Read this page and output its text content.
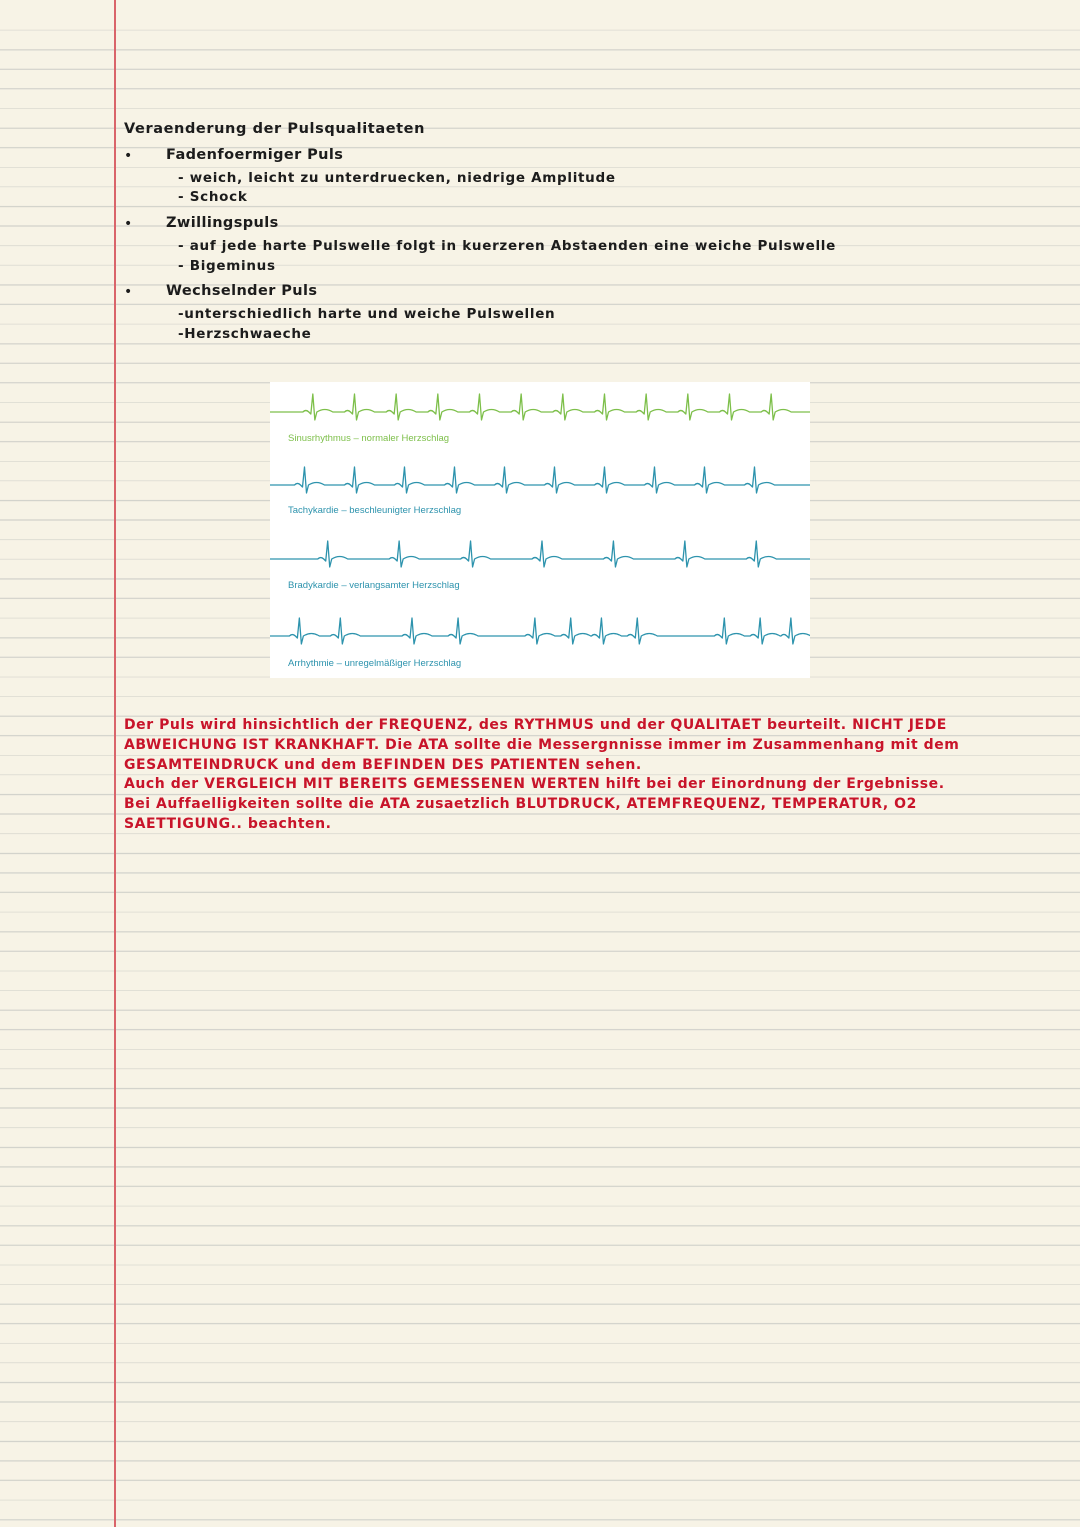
Veraenderung der Pulsqualitaeten
• Fadenfoermiger Puls
- weich, leicht zu unterdruecken, niedrige Amplitude
- Schock
• Zwillingspuls
- auf jede harte Pulswelle folgt in kuerzeren Abstaenden eine weiche Pulswelle
- Bigeminus
• Wechselnder Puls
-unterschiedlich harte und weiche Pulswellen
-Herzschwaeche
Sinusrhythmus – normaler Herzschlag
Tachykardie – beschleunigter Herzschlag
Bradykardie – verlangsamter Herzschlag
Arrhythmie – unregelmäßiger Herzschlag
Der Puls wird hinsichtlich der FREQUENZ, des RYTHMUS und der QUALITAET beurteilt. NICHT JEDE
ABWEICHUNG IST KRANKHAFT. Die ATA sollte die Messergnnisse immer im Zusammenhang mit dem
GESAMTEINDRUCK und dem BEFINDEN DES PATIENTEN sehen.
Auch der VERGLEICH MIT BEREITS GEMESSENEN WERTEN hilft bei der Einordnung der Ergebnisse.
Bei Auffaelligkeiten sollte die ATA zusaetzlich BLUTDRUCK, ATEMFREQUENZ, TEMPERATUR, O2
SAETTIGUNG.. beachten.
